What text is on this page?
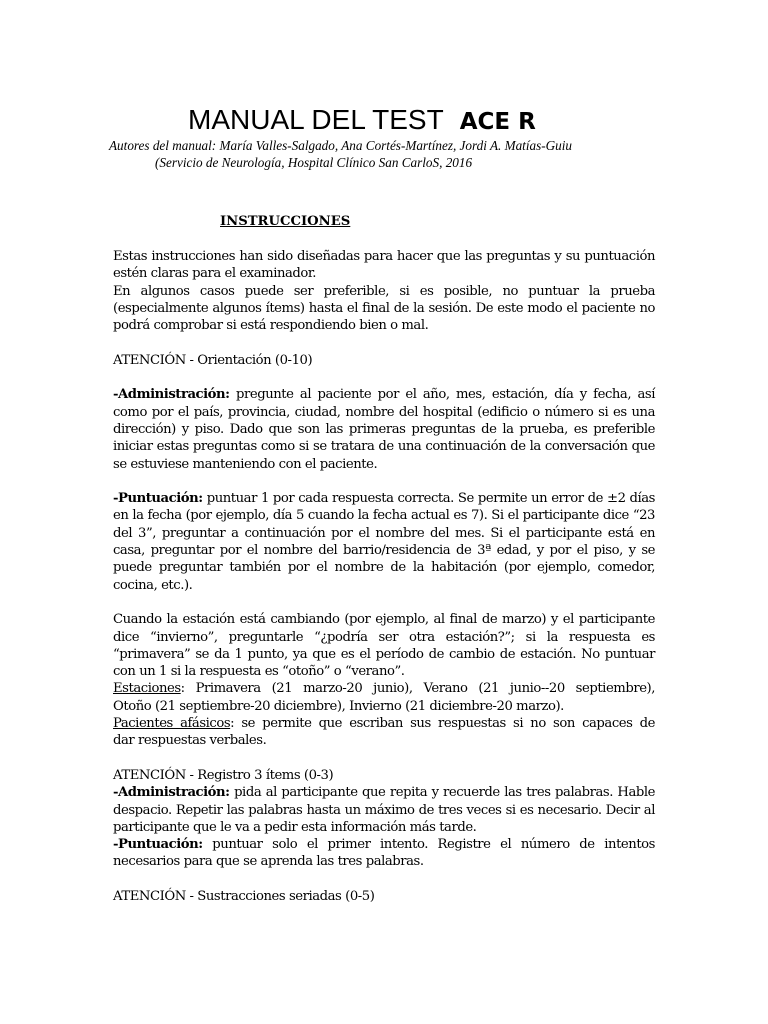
MANUAL DEL TEST ACE R
Autores del manual: María Valles-Salgado, Ana Cortés-Martínez, Jordi A. Matías-Guiu
(Servicio de Neurología, Hospital Clínico San CarloS, 2016
INSTRUCCIONES

Estas instrucciones han sido diseñadas para hacer que las preguntas y su puntuación estén claras para el examinador.

En algunos casos puede ser preferible, si es posible, no puntuar la prueba (especialmente algunos ítems) hasta el final de la sesión. De este modo el paciente no podrá comprobar si está respondiendo bien o mal.

ATENCIÓN - Orientación (0-10)

-Administración: pregunte al paciente por el año, mes, estación, día y fecha, así como por el país, provincia, ciudad, nombre del hospital (edificio o número si es una dirección) y piso. Dado que son las primeras preguntas de la prueba, es preferible iniciar estas preguntas como si se tratara de una continuación de la conversación que se estuviese manteniendo con el paciente.

-Puntuación: puntuar 1 por cada respuesta correcta. Se permite un error de ±2 días en la fecha (por ejemplo, día 5 cuando la fecha actual es 7). Si el participante dice “23 del 3”, preguntar a continuación por el nombre del mes. Si el participante está en casa, preguntar por el nombre del barrio/residencia de 3ª edad, y por el piso, y se puede preguntar también por el nombre de la habitación (por ejemplo, comedor, cocina, etc.).

Cuando la estación está cambiando (por ejemplo, al final de marzo) y el participante dice “invierno”, preguntarle “¿podría ser otra estación?”; si la respuesta es “primavera” se da 1 punto, ya que es el período de cambio de estación. No puntuar con un 1 si la respuesta es “otoño” o “verano”.

Estaciones: Primavera (21 marzo-20 junio), Verano (21 junio--20 septiembre),
Otoño (21 septiembre-20 diciembre), Invierno (21 diciembre-20 marzo).
Pacientes afásicos: se permite que escriban sus respuestas si no son capaces de
dar respuestas verbales.

ATENCIÓN - Registro 3 ítems (0-3)

-Administración: pida al participante que repita y recuerde las tres palabras. Hable despacio. Repetir las palabras hasta un máximo de tres veces si es necesario. Decir al participante que le va a pedir esta información más tarde.

-Puntuación: puntuar solo el primer intento. Registre el número de intentos necesarios para que se aprenda las tres palabras.

ATENCIÓN - Sustracciones seriadas (0-5)
